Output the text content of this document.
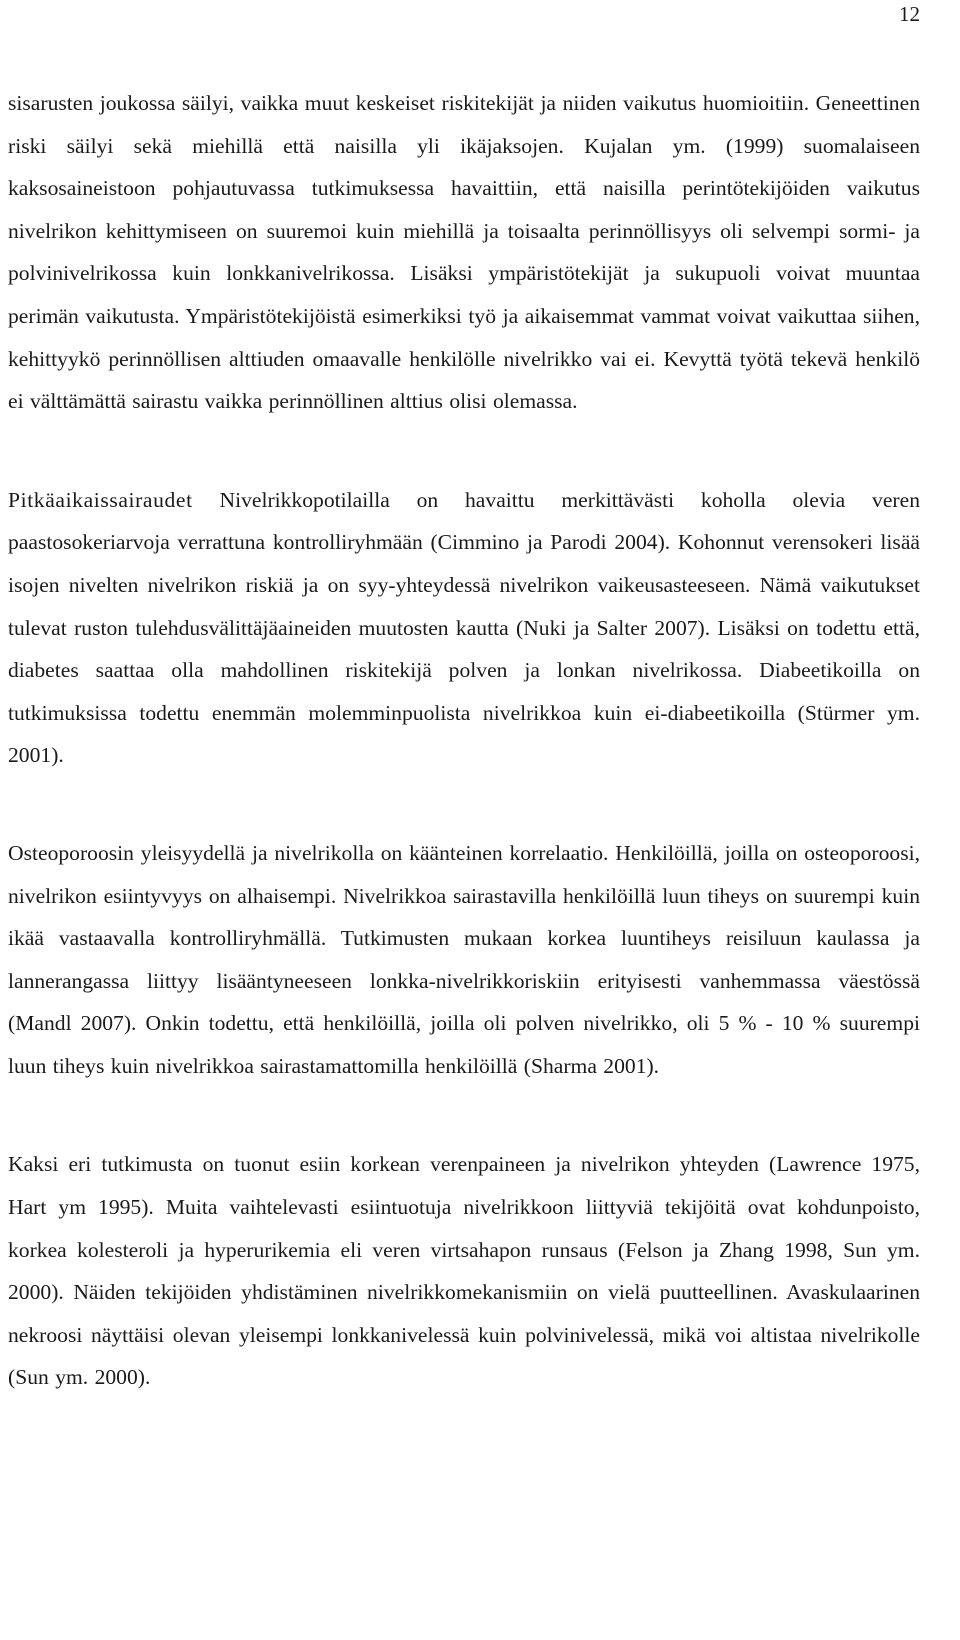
12

sisarusten joukossa säilyi, vaikka muut keskeiset riskitekijät ja niiden vaikutus huomioitiin. Geneettinen riski säilyi sekä miehillä että naisilla yli ikäjaksojen. Kujalan ym. (1999) suomalaiseen kaksosaineistoon pohjautuvassa tutkimuksessa havaittiin, että naisilla perintötekijöiden vaikutus nivelrikon kehittymiseen on suuremoi kuin miehillä ja toisaalta perinnöllisyys oli selvempi sormi- ja polvinivelrikossa kuin lonkkanivelrikossa. Lisäksi ympäristötekijät ja sukupuoli voivat muuntaa perimän vaikutusta. Ympäristötekijöistä esimerkiksi työ ja aikaisemmat vammat voivat vaikuttaa siihen, kehittyykö perinnöllisen alttiuden omaavalle henkilölle nivelrikko vai ei. Kevyttä työtä tekevä henkilö ei välttämättä sairastu vaikka perinnöllinen alttius olisi olemassa.

Pitkäaikaissairaudet Nivelrikkopotilailla on havaittu merkittävästi koholla olevia veren paastosokeriarvoja verrattuna kontrolliryhmään (Cimmino ja Parodi 2004). Kohonnut verensokeri lisää isojen nivelten nivelrikon riskiä ja on syy-yhteydessä nivelrikon vaikeusasteeseen. Nämä vaikutukset tulevat ruston tulehdusvälittäjäaineiden muutosten kautta (Nuki ja Salter 2007). Lisäksi on todettu että, diabetes saattaa olla mahdollinen riskitekijä polven ja lonkan nivelrikossa. Diabeetikoilla on tutkimuksissa todettu enemmän molemminpuolista nivelrikkoa kuin ei-diabeetikoilla (Stürmer ym. 2001).

Osteoporoosin yleisyydellä ja nivelrikolla on käänteinen korrelaatio. Henkilöillä, joilla on osteoporoosi, nivelrikon esiintyvyys on alhaisempi. Nivelrikkoa sairastavilla henkilöillä luun tiheys on suurempi kuin ikää vastaavalla kontrolliryhmällä. Tutkimusten mukaan korkea luuntiheys reisiluun kaulassa ja lannerangassa liittyy lisääntyneeseen lonkka-nivelrikkoriskiin erityisesti vanhemmassa väestössä (Mandl 2007). Onkin todettu, että henkilöillä, joilla oli polven nivelrikko, oli 5 % - 10 % suurempi luun tiheys kuin nivelrikkoa sairastamattomilla henkilöillä (Sharma 2001).

Kaksi eri tutkimusta on tuonut esiin korkean verenpaineen ja nivelrikon yhteyden (Lawrence 1975, Hart ym 1995). Muita vaihtelevasti esiintuotuja nivelrikkoon liittyviä tekijöitä ovat kohdunpoisto, korkea kolesteroli ja hyperurikemia eli veren virtsahapon runsaus (Felson ja Zhang 1998, Sun ym. 2000). Näiden tekijöiden yhdistäminen nivelrikkomekanismiin on vielä puutteellinen. Avaskulaarinen nekroosi näyttäisi olevan yleisempi lonkkanivelessä kuin polvinivelessä, mikä voi altistaa nivelrikolle (Sun ym. 2000).
